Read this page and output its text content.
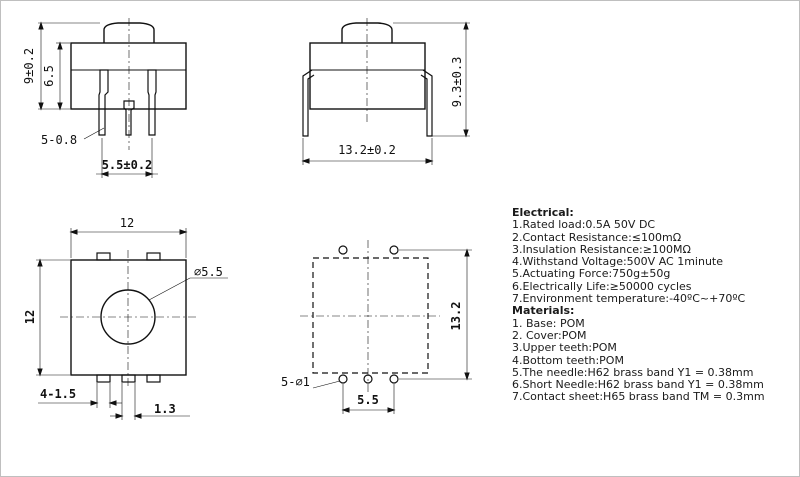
9±0.2 6.5
5-0.8
5.5±0.2
9.3±0.3
13.2±0.2
12
12
⌀5.5
4-1.5
1.3
13.2
5-⌀1
5.5
Electrical:
1.Rated load:0.5A 50V DC
2.Contact Resistance:≤100mΩ
3.Insulation Resistance:≥100MΩ
4.Withstand Voltage:500V AC 1minute
5.Actuating Force:750g±50g
6.Electrically Life:≥50000 cycles
7.Environment temperature:-40ºC~+70ºC
Materials:
1. Base: POM
2. Cover:POM
3.Upper teeth:POM
4.Bottom teeth:POM
5.The needle:H62 brass band Y1 = 0.38mm
6.Short Needle:H62 brass band Y1 = 0.38mm
7.Contact sheet:H65 brass band TM = 0.3mm
